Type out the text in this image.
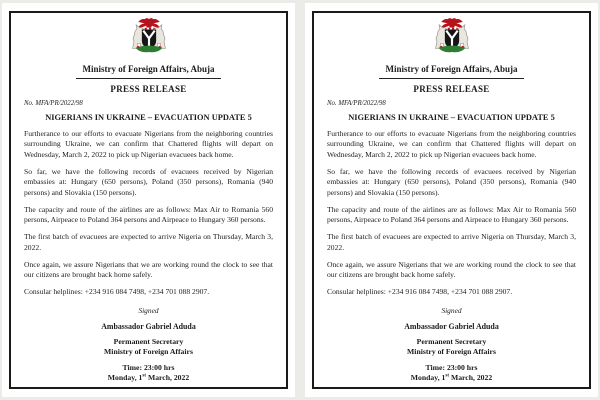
Ministry of Foreign Affairs, Abuja
PRESS RELEASE
No. MFA/PR/2022/98
NIGERIANS IN UKRAINE – EVACUATION UPDATE 5

Furtherance to our efforts to evacuate Nigerians from the neighboring countries surrounding Ukraine, we can confirm that Chattered flights will depart on Wednesday, March 2, 2022 to pick up Nigerian evacuees back home.

So far, we have the following records of evacuees received by Nigerian embassies at: Hungary (650 persons), Poland (350 persons), Romania (940 persons) and Slovakia (150 persons).

The capacity and route of the airlines are as follows: Max Air to Romania 560 persons, Airpeace to Poland 364 persons and Airpeace to Hungary 360 persons.

The first batch of evacuees are expected to arrive Nigeria on Thursday, March 3, 2022.

Once again, we assure Nigerians that we are working round the clock to see that our citizens are brought back home safely.

Consular helplines: +234 916 084 7498, +234 701 088 2907.

Signed
Ambassador Gabriel Aduda
Permanent Secretary
Ministry of Foreign Affairs
Time: 23:00 hrs
Monday, 1st March, 2022
Ministry of Foreign Affairs, Abuja
PRESS RELEASE
No. MFA/PR/2022/98
NIGERIANS IN UKRAINE – EVACUATION UPDATE 5

Furtherance to our efforts to evacuate Nigerians from the neighboring countries surrounding Ukraine, we can confirm that Chattered flights will depart on Wednesday, March 2, 2022 to pick up Nigerian evacuees back home.

So far, we have the following records of evacuees received by Nigerian embassies at: Hungary (650 persons), Poland (350 persons), Romania (940 persons) and Slovakia (150 persons).

The capacity and route of the airlines are as follows: Max Air to Romania 560 persons, Airpeace to Poland 364 persons and Airpeace to Hungary 360 persons.

The first batch of evacuees are expected to arrive Nigeria on Thursday, March 3, 2022.

Once again, we assure Nigerians that we are working round the clock to see that our citizens are brought back home safely.

Consular helplines: +234 916 084 7498, +234 701 088 2907.

Signed
Ambassador Gabriel Aduda
Permanent Secretary
Ministry of Foreign Affairs
Time: 23:00 hrs
Monday, 1st March, 2022
